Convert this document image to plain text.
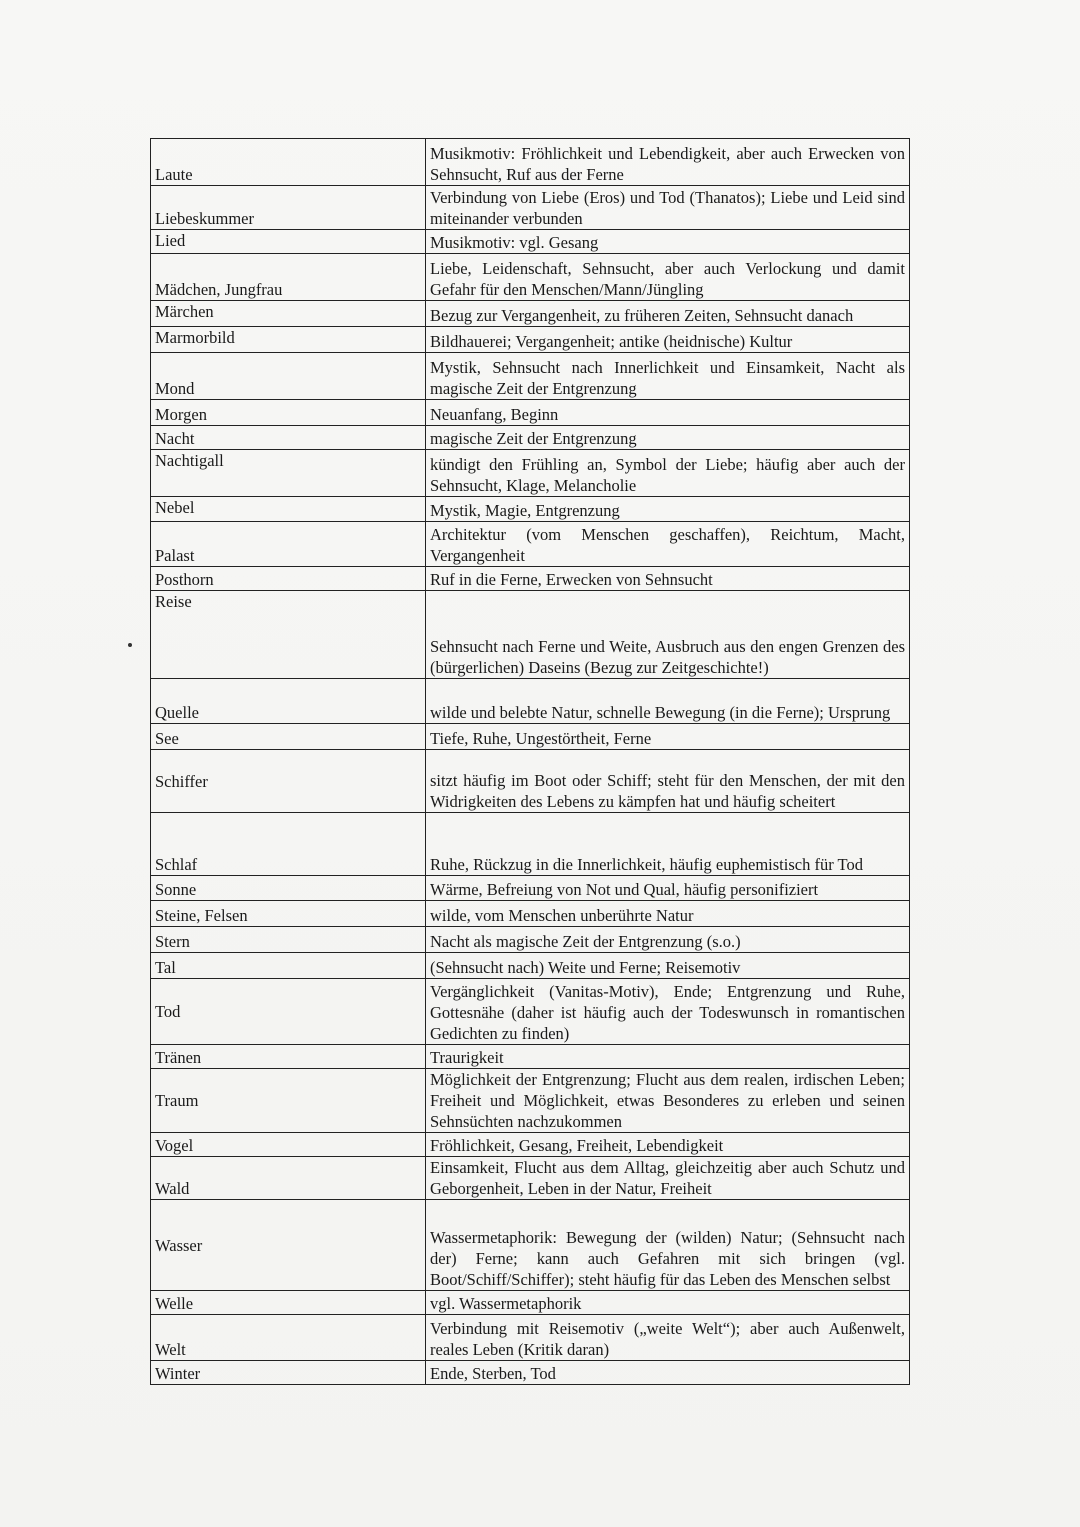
Laute	Musikmotiv: Fröhlichkeit und Lebendigkeit, aber auch Erwecken von Sehnsucht, Ruf aus der Ferne
Liebeskummer	Verbindung von Liebe (Eros) und Tod (Thanatos); Liebe und Leid sind miteinander verbunden
Lied	Musikmotiv: vgl. Gesang
Mädchen, Jungfrau	Liebe, Leidenschaft, Sehnsucht, aber auch Verlockung und damit Gefahr für den Menschen/Mann/Jüngling
Märchen	Bezug zur Vergangenheit, zu früheren Zeiten, Sehnsucht danach
Marmorbild	Bildhauerei; Vergangenheit; antike (heidnische) Kultur
Mond	Mystik, Sehnsucht nach Innerlichkeit und Einsamkeit, Nacht als magische Zeit der Entgrenzung
Morgen	Neuanfang, Beginn
Nacht	magische Zeit der Entgrenzung
Nachtigall	kündigt den Frühling an, Symbol der Liebe; häufig aber auch der Sehnsucht, Klage, Melancholie
Nebel	Mystik, Magie, Entgrenzung
Palast	Architektur (vom Menschen geschaffen), Reichtum, Macht, Vergangenheit
Posthorn	Ruf in die Ferne, Erwecken von Sehnsucht
Reise	Sehnsucht nach Ferne und Weite, Ausbruch aus den engen Grenzen des (bürgerlichen) Daseins (Bezug zur Zeitgeschichte!)
Quelle	wilde und belebte Natur, schnelle Bewegung (in die Ferne); Ursprung
See	Tiefe, Ruhe, Ungestörtheit, Ferne
Schiffer	sitzt häufig im Boot oder Schiff; steht für den Menschen, der mit den Widrigkeiten des Lebens zu kämpfen hat und häufig scheitert
Schlaf	Ruhe, Rückzug in die Innerlichkeit, häufig euphemistisch für Tod
Sonne	Wärme, Befreiung von Not und Qual, häufig personifiziert
Steine, Felsen	wilde, vom Menschen unberührte Natur
Stern	Nacht als magische Zeit der Entgrenzung (s.o.)
Tal	(Sehnsucht nach) Weite und Ferne; Reisemotiv
Tod	Vergänglichkeit (Vanitas-Motiv), Ende; Entgrenzung und Ruhe, Gottesnähe (daher ist häufig auch der Todeswunsch in romantischen Gedichten zu finden)
Tränen	Traurigkeit
Traum	Möglichkeit der Entgrenzung; Flucht aus dem realen, irdischen Leben; Freiheit und Möglichkeit, etwas Besonderes zu erleben und seinen Sehnsüchten nachzukommen
Vogel	Fröhlichkeit, Gesang, Freiheit, Lebendigkeit
Wald	Einsamkeit, Flucht aus dem Alltag, gleichzeitig aber auch Schutz und Geborgenheit, Leben in der Natur, Freiheit
Wasser	Wassermetaphorik: Bewegung der (wilden) Natur; (Sehnsucht nach der) Ferne; kann auch Gefahren mit sich bringen (vgl. Boot/Schiff/Schiffer); steht häufig für das Leben des Menschen selbst
Welle	vgl. Wassermetaphorik
Welt	Verbindung mit Reisemotiv („weite Welt“); aber auch Außenwelt, reales Leben (Kritik daran)
Winter	Ende, Sterben, Tod
